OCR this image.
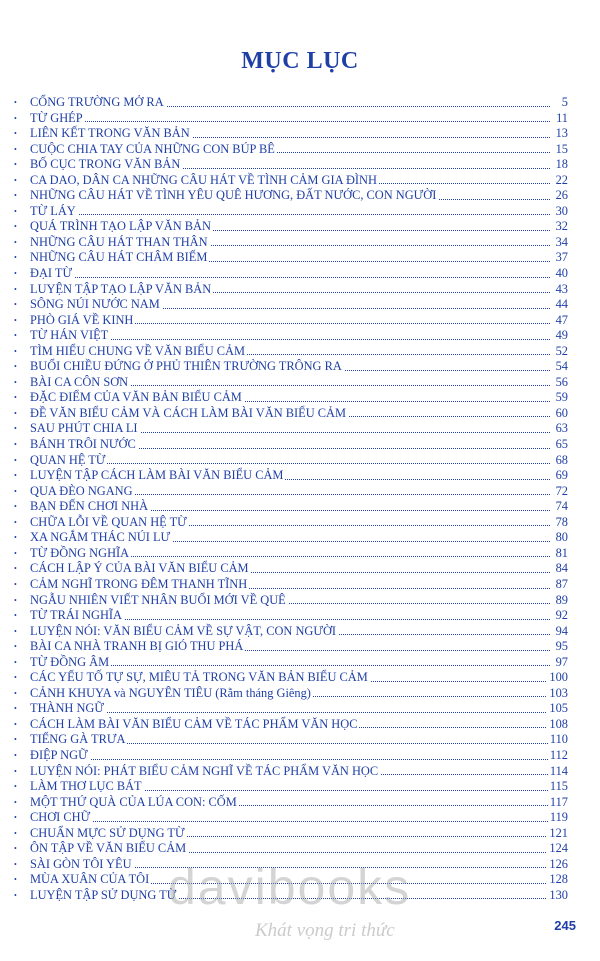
MỤC LỤC
• CỔNG TRƯỜNG MỞ RA	5
• TỪ GHÉP	11
• LIÊN KẾT TRONG VĂN BẢN	13
• CUỘC CHIA TAY CỦA NHỮNG CON BÚP BÊ	15
• BỐ CỤC TRONG VĂN BẢN	18
• CA DAO, DÂN CA NHỮNG CÂU HÁT VỀ TÌNH CẢM GIA ĐÌNH	22
• NHỮNG CÂU HÁT VỀ TÌNH YÊU QUÊ HƯƠNG, ĐẤT NƯỚC, CON NGƯỜI	26
• TỪ LÁY	30
• QUÁ TRÌNH TẠO LẬP VĂN BẢN	32
• NHỮNG CÂU HÁT THAN THÂN	34
• NHỮNG CÂU HÁT CHÂM BIẾM	37
• ĐẠI TỪ	40
• LUYỆN TẬP TẠO LẬP VĂN BẢN	43
• SÔNG NÚI NƯỚC NAM	44
• PHÒ GIÁ VỀ KINH	47
• TỪ HÁN VIỆT	49
• TÌM HIỂU CHUNG VỀ VĂN BIỂU CẢM	52
• BUỔI CHIỀU ĐỨNG Ở PHỦ THIÊN TRƯỜNG TRÔNG RA	54
• BÀI CA CÔN SƠN	56
• ĐẶC ĐIỂM CỦA VĂN BẢN BIỂU CẢM	59
• ĐỀ VĂN BIỂU CẢM VÀ CÁCH LÀM BÀI VĂN BIỂU CẢM	60
• SAU PHÚT CHIA LI	63
• BÁNH TRÔI NƯỚC	65
• QUAN HỆ TỪ	68
• LUYỆN TẬP CÁCH LÀM BÀI VĂN BIỂU CẢM	69
• QUA ĐÈO NGANG	72
• BẠN ĐẾN CHƠI NHÀ	74
• CHỮA LỖI VỀ QUAN HỆ TỪ	78
• XA NGẮM THÁC NÚI LƯ	80
• TỪ ĐỒNG NGHĨA	81
• CÁCH LẬP Ý CỦA BÀI VĂN BIỂU CẢM	84
• CẢM NGHĨ TRONG ĐÊM THANH TĨNH	87
• NGẪU NHIÊN VIẾT NHÂN BUỔI MỚI VỀ QUÊ	89
• TỪ TRÁI NGHĨA	92
• LUYỆN NÓI: VĂN BIỂU CẢM VỀ SỰ VẬT, CON NGƯỜI	94
• BÀI CA NHÀ TRANH BỊ GIÓ THU PHÁ	95
• TỪ ĐỒNG ÂM	97
• CÁC YẾU TỐ TỰ SỰ, MIÊU TẢ TRONG VĂN BẢN BIỂU CẢM	100
• CẢNH KHUYA và NGUYÊN TIÊU (Rằm tháng Giêng)	103
• THÀNH NGỮ	105
• CÁCH LÀM BÀI VĂN BIỂU CẢM VỀ TÁC PHẨM VĂN HỌC	108
• TIẾNG GÀ TRƯA	110
• ĐIỆP NGỮ	112
• LUYỆN NÓI: PHÁT BIỂU CẢM NGHĨ VỀ TÁC PHẨM VĂN HỌC	114
• LÀM THƠ LỤC BÁT	115
• MỘT THỨ QUÀ CỦA LÚA CON: CỐM	117
• CHƠI CHỮ	119
• CHUẨN MỰC SỬ DỤNG TỪ	121
• ÔN TẬP VỀ VĂN BIỂU CẢM	124
• SÀI GÒN TÔI YÊU	126
• MÙA XUÂN CỦA TÔI	128
• LUYỆN TẬP SỬ DỤNG TỪ	130
245
davibooks
Khát vọng tri thức
